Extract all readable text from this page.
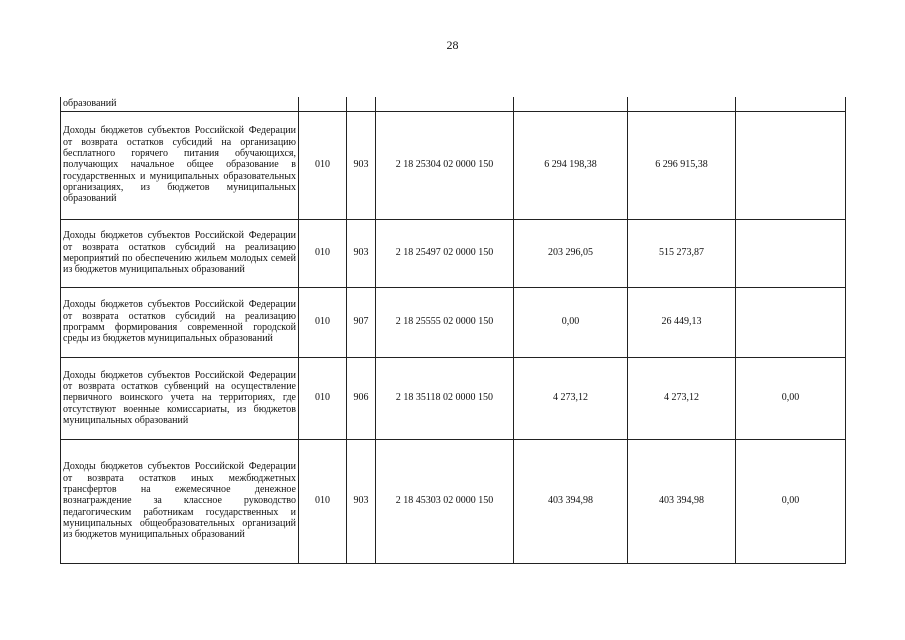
28
образований						
Доходы бюджетов субъектов Российской Федерации от возврата остатков субсидий на организацию бесплатного горячего питания обучающихся, получающих начальное общее образование в государственных и муниципальных образовательных организациях, из бюджетов муниципальных образований	010	903	2 18 25304 02 0000 150	6 294 198,38	6 296 915,38	
Доходы бюджетов субъектов Российской Федерации от возврата остатков субсидий на реализацию мероприятий по обеспечению жильем молодых семей из бюджетов муниципальных образований	010	903	2 18 25497 02 0000 150	203 296,05	515 273,87	
Доходы бюджетов субъектов Российской Федерации от возврата остатков субсидий на реализацию программ формирования современной городской среды из бюджетов муниципальных образований	010	907	2 18 25555 02 0000 150	0,00	26 449,13	
Доходы бюджетов субъектов Российской Федерации от возврата остатков субвенций на осуществление первичного воинского учета на территориях, где отсутствуют военные комиссариаты, из бюджетов муниципальных образований	010	906	2 18 35118 02 0000 150	4 273,12	4 273,12	0,00
Доходы бюджетов субъектов Российской Федерации от возврата остатков иных межбюджетных трансфертов на ежемесячное денежное вознаграждение за классное руководство педагогическим работникам государственных и муниципальных общеобразовательных организаций из бюджетов муниципальных образований	010	903	2 18 45303 02 0000 150	403 394,98	403 394,98	0,00
